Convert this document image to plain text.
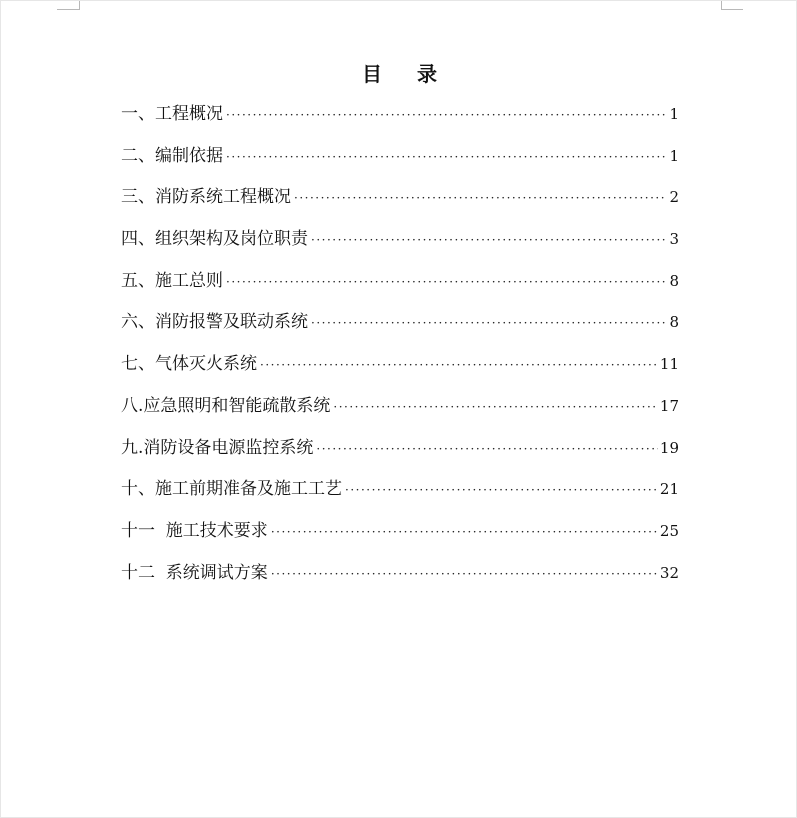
目 录
一、工程概况 ·····	1
二、编制依据 ·····	1
三、消防系统工程概况 ·····	2
四、组织架构及岗位职责 ·····	3
五、施工总则 ·····	8
六、消防报警及联动系统 ·····	8
七、气体灭火系统 ·····	11
八.应急照明和智能疏散系统 ·····	17
九.消防设备电源监控系统 ·····	19
十、施工前期准备及施工工艺 ·····	21
十一  施工技术要求 ·····	25
十二  系统调试方案 ·····	32
